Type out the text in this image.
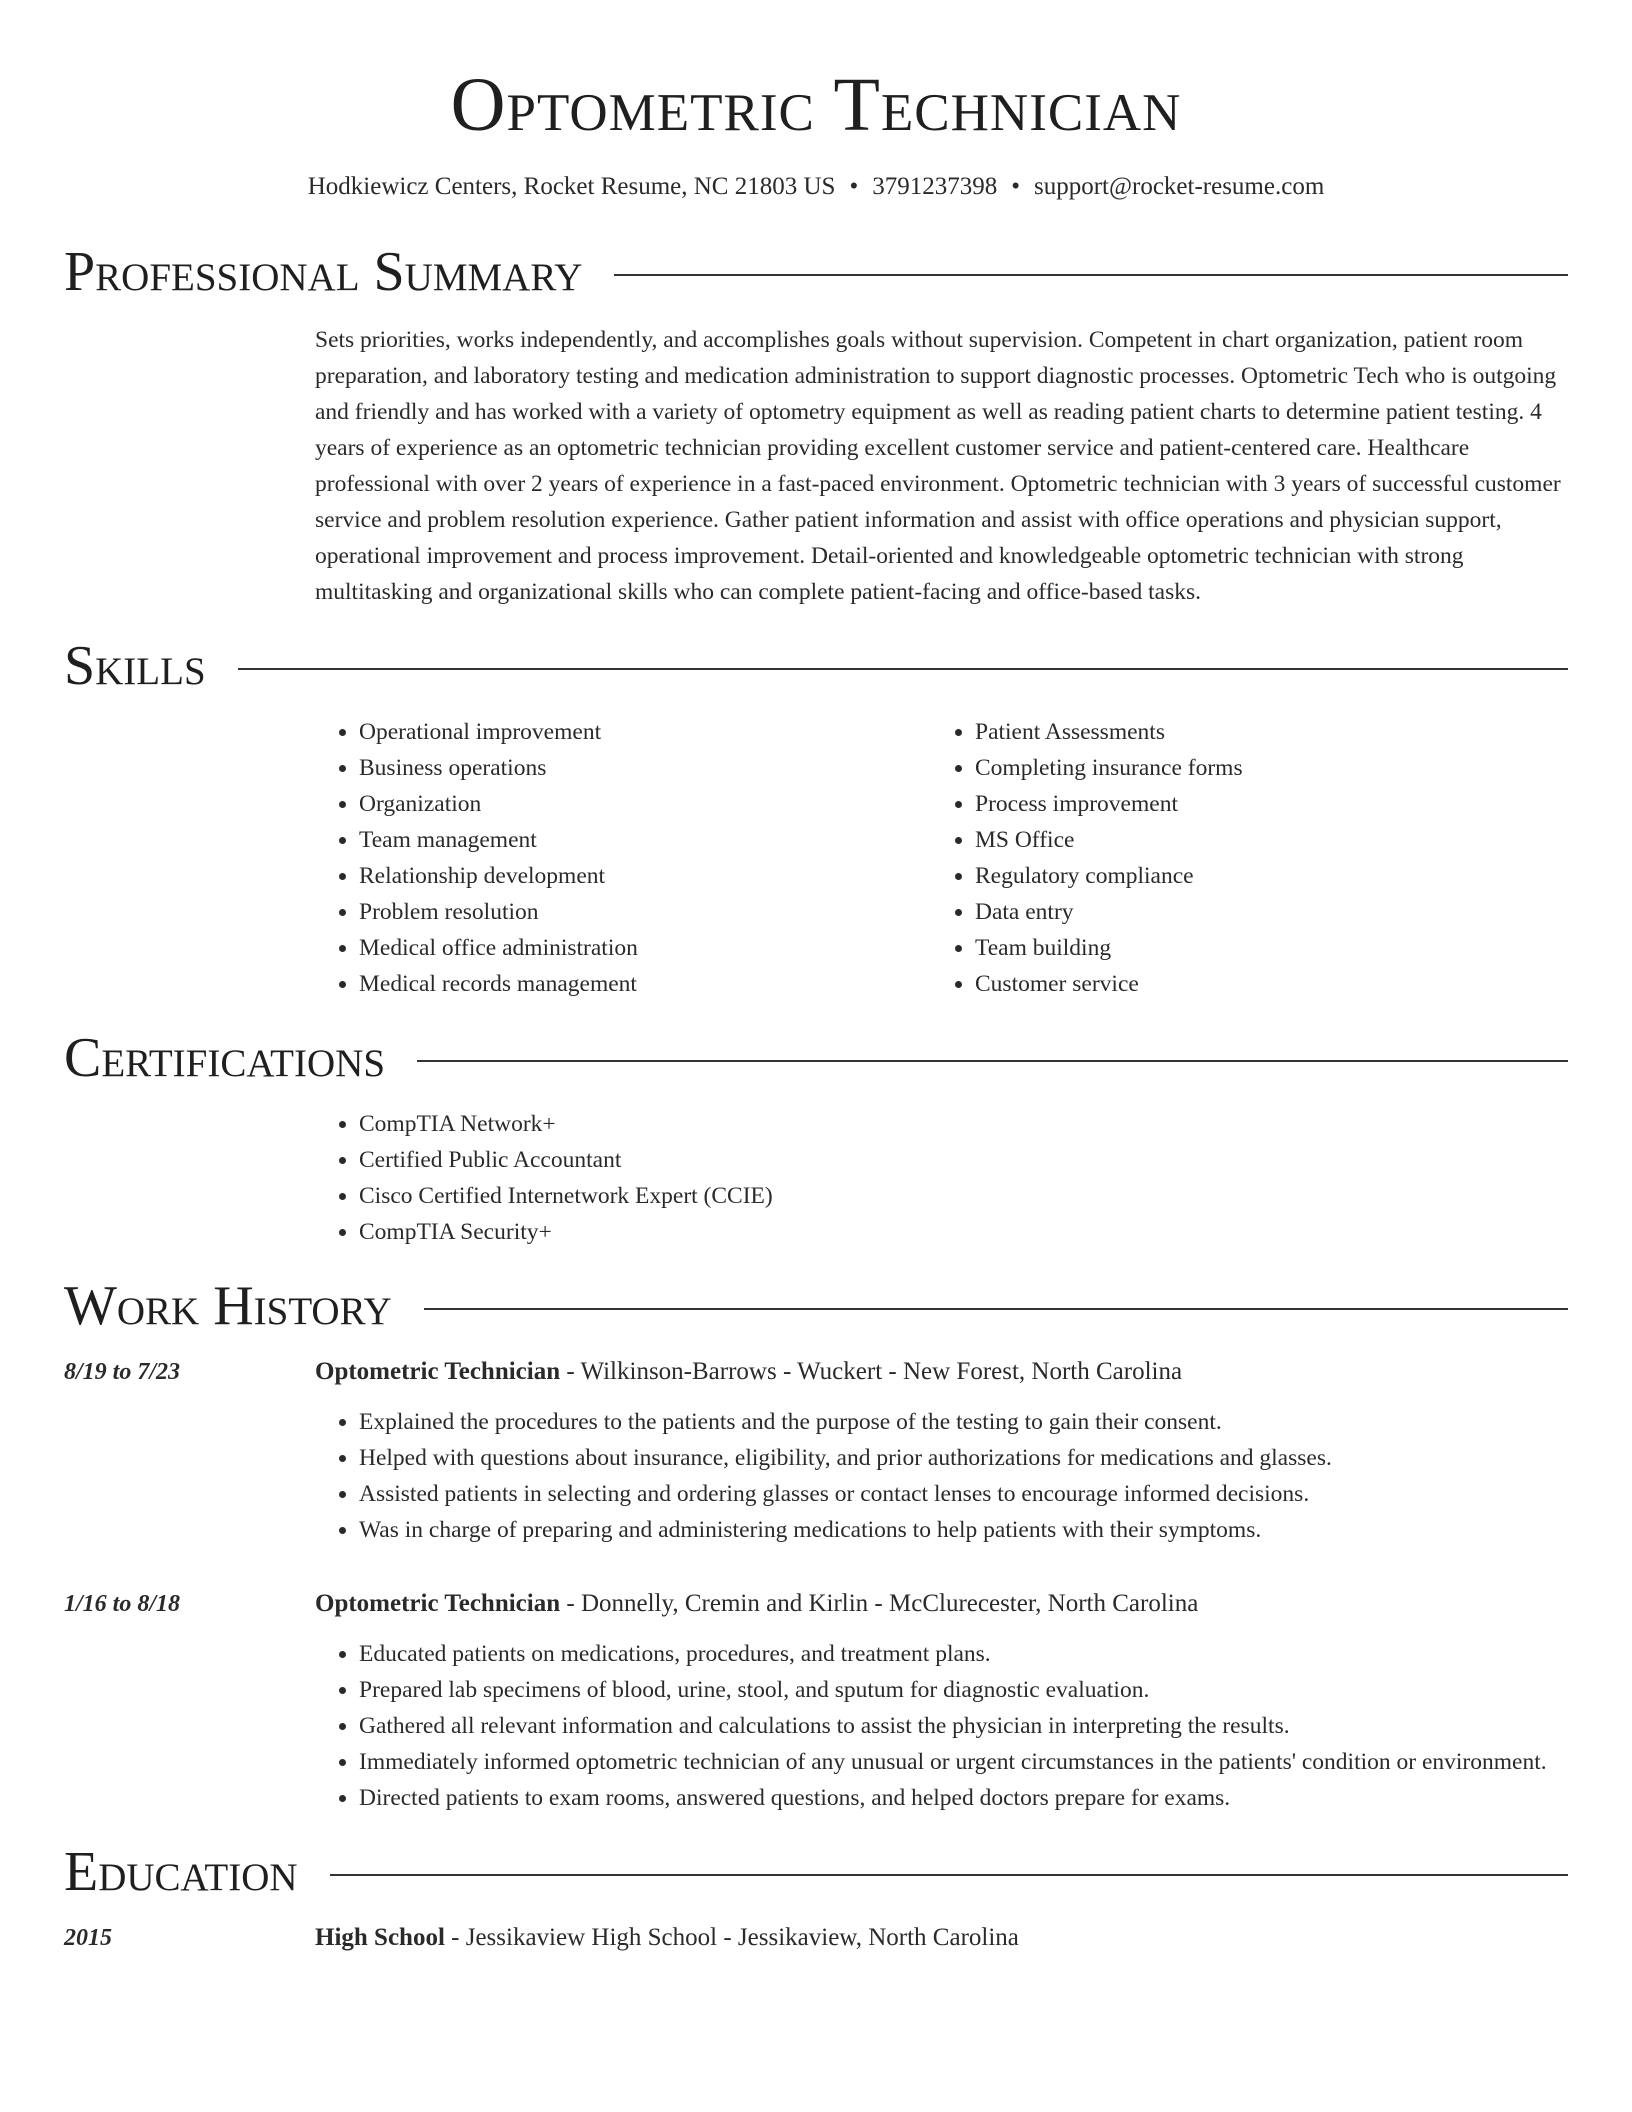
Optometric Technician
Hodkiewicz Centers, Rocket Resume, NC 21803 US • 3791237398 • support@rocket-resume.com
Professional Summary
Sets priorities, works independently, and accomplishes goals without supervision. Competent in chart organization, patient room preparation, and laboratory testing and medication administration to support diagnostic processes. Optometric Tech who is outgoing and friendly and has worked with a variety of optometry equipment as well as reading patient charts to determine patient testing. 4 years of experience as an optometric technician providing excellent customer service and patient-centered care. Healthcare professional with over 2 years of experience in a fast-paced environment. Optometric technician with 3 years of successful customer service and problem resolution experience. Gather patient information and assist with office operations and physician support, operational improvement and process improvement. Detail-oriented and knowledgeable optometric technician with strong multitasking and organizational skills who can complete patient-facing and office-based tasks.
Skills
• Operational improvement
• Business operations
• Organization
• Team management
• Relationship development
• Problem resolution
• Medical office administration
• Medical records management
• Patient Assessments
• Completing insurance forms
• Process improvement
• MS Office
• Regulatory compliance
• Data entry
• Team building
• Customer service
Certifications
• CompTIA Network+
• Certified Public Accountant
• Cisco Certified Internetwork Expert (CCIE)
• CompTIA Security+
Work History
8/19 to 7/23	Optometric Technician - Wilkinson-Barrows - Wuckert - New Forest, North Carolina
• Explained the procedures to the patients and the purpose of the testing to gain their consent.
• Helped with questions about insurance, eligibility, and prior authorizations for medications and glasses.
• Assisted patients in selecting and ordering glasses or contact lenses to encourage informed decisions.
• Was in charge of preparing and administering medications to help patients with their symptoms.
1/16 to 8/18	Optometric Technician - Donnelly, Cremin and Kirlin - McClurecester, North Carolina
• Educated patients on medications, procedures, and treatment plans.
• Prepared lab specimens of blood, urine, stool, and sputum for diagnostic evaluation.
• Gathered all relevant information and calculations to assist the physician in interpreting the results.
• Immediately informed optometric technician of any unusual or urgent circumstances in the patients' condition or environment.
• Directed patients to exam rooms, answered questions, and helped doctors prepare for exams.
Education
2015	High School - Jessikaview High School - Jessikaview, North Carolina
